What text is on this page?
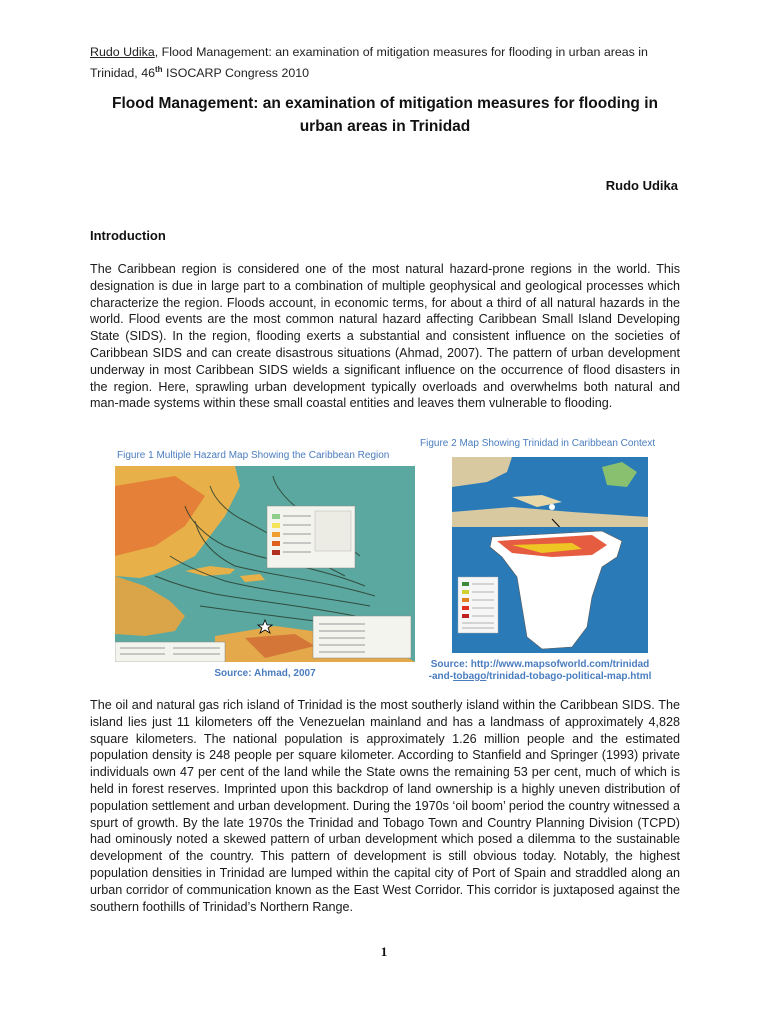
Rudo Udika, Flood Management: an examination of mitigation measures for flooding in urban areas in Trinidad, 46th ISOCARP Congress 2010
Flood Management: an examination of mitigation measures for flooding in urban areas in Trinidad
Rudo Udika
Introduction
The Caribbean region is considered one of the most natural hazard-prone regions in the world. This designation is due in large part to a combination of multiple geophysical and geological processes which characterize the region. Floods account, in economic terms, for about a third of all natural hazards in the world. Flood events are the most common natural hazard affecting Caribbean Small Island Developing State (SIDS). In the region, flooding exerts a substantial and consistent influence on the societies of Caribbean SIDS and can create disastrous situations (Ahmad, 2007). The pattern of urban development underway in most Caribbean SIDS wields a significant influence on the occurrence of flood disasters in the region. Here, sprawling urban development typically overloads and overwhelms both natural and man-made systems within these small coastal entities and leaves them vulnerable to flooding.
Figure 1 Multiple Hazard Map Showing the Caribbean Region
Source: Ahmad, 2007
Figure 2 Map Showing Trinidad in Caribbean Context
Source: http://www.mapsofworld.com/trinidad
-and-tobago/trinidad-tobago-political-map.html
The oil and natural gas rich island of Trinidad is the most southerly island within the Caribbean SIDS. The island lies just 11 kilometers off the Venezuelan mainland and has a landmass of approximately 4,828 square kilometers. The national population is approximately 1.26 million people and the estimated population density is 248 people per square kilometer. According to Stanfield and Springer (1993) private individuals own 47 per cent of the land while the State owns the remaining 53 per cent, much of which is held in forest reserves. Imprinted upon this backdrop of land ownership is a highly uneven distribution of population settlement and urban development. During the 1970s ‘oil boom’ period the country witnessed a spurt of growth. By the late 1970s the Trinidad and Tobago Town and Country Planning Division (TCPD) had ominously noted a skewed pattern of urban development which posed a dilemma to the sustainable development of the country. This pattern of development is still obvious today. Notably, the highest population densities in Trinidad are lumped within the capital city of Port of Spain and straddled along an urban corridor of communication known as the East West Corridor. This corridor is juxtaposed against the southern foothills of Trinidad’s Northern Range.
1
